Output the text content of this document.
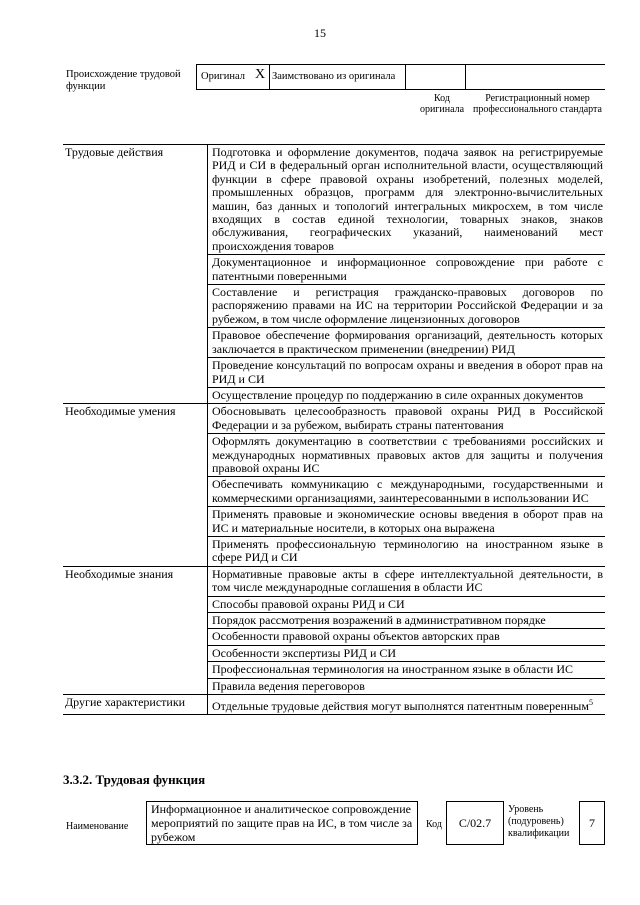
15
Происхождение трудовой функции
Оригинал X Заимствовано из оригинала
Код оригинала
Регистрационный номер профессионального стандарта
Трудовые действия	Подготовка и оформление документов, подача заявок на регистрируемые РИД и СИ в федеральный орган исполнительной власти, осуществляющий функции в сфере правовой охраны изобретений, полезных моделей, промышленных образцов, программ для электронно-вычислительных машин, баз данных и топологий интегральных микросхем, в том числе входящих в состав единой технологии, товарных знаков, знаков обслуживания, географических указаний, наименований мест происхождения товаров
Документационное и информационное сопровождение при работе с патентными поверенными
Составление и регистрация гражданско-правовых договоров по распоряжению правами на ИС на территории Российской Федерации и за рубежом, в том числе оформление лицензионных договоров
Правовое обеспечение формирования организаций, деятельность которых заключается в практическом применении (внедрении) РИД
Проведение консультаций по вопросам охраны и введения в оборот прав на РИД и СИ
Осуществление процедур по поддержанию в силе охранных документов
Необходимые умения	Обосновывать целесообразность правовой охраны РИД в Российской Федерации и за рубежом, выбирать страны патентования
Оформлять документацию в соответствии с требованиями российских и международных нормативных правовых актов для защиты и получения правовой охраны ИС
Обеспечивать коммуникацию с международными, государственными и коммерческими организациями, заинтересованными в использовании ИС
Применять правовые и экономические основы введения в оборот прав на ИС и материальные носители, в которых она выражена
Применять профессиональную терминологию на иностранном языке в сфере РИД и СИ
Необходимые знания	Нормативные правовые акты в сфере интеллектуальной деятельности, в том числе международные соглашения в области ИС
Способы правовой охраны РИД и СИ
Порядок рассмотрения возражений в административном порядке
Особенности правовой охраны объектов авторских прав
Особенности экспертизы РИД и СИ
Профессиональная терминология на иностранном языке в области ИС
Правила ведения переговоров
Другие характеристики	Отдельные трудовые действия могут выполнятся патентным поверенным$^5$
3.3.2. Трудовая функция
Наименование
Информационное и аналитическое сопровождение мероприятий по защите прав на ИС, в том числе за рубежом
Код	C/02.7
Уровень (подуровень) квалификации
7
